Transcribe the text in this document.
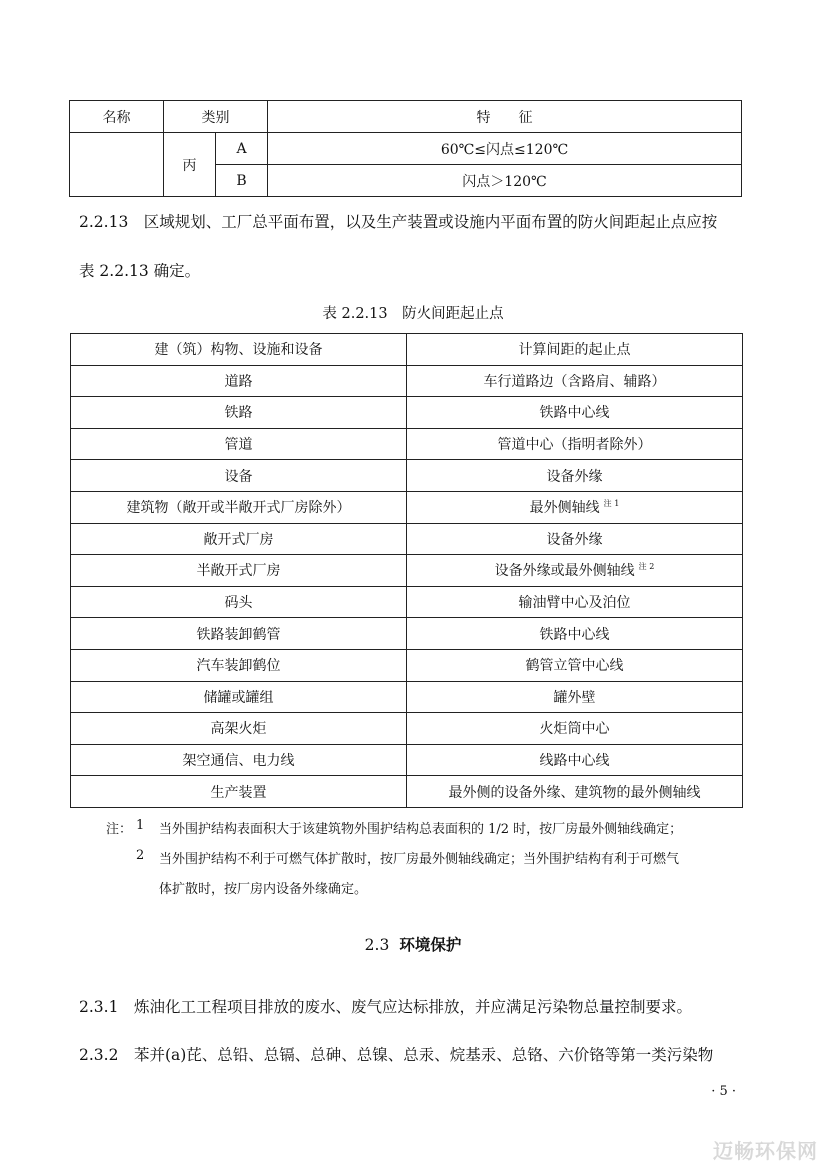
名称	类别		特　　征
	丙	A	60℃≤闪点≤120℃
		B	闪点＞120℃
2.2.13　区域规划、工厂总平面布置，以及生产装置或设施内平面布置的防火间距起止点应按
表 2.2.13 确定。
表 2.2.13　防火间距起止点
建（筑）构物、设施和设备	计算间距的起止点
道路	车行道路边（含路肩、辅路）
铁路	铁路中心线
管道	管道中心（指明者除外）
设备	设备外缘
建筑物（敞开或半敞开式厂房除外）	最外侧轴线 $^{注 1}$
敞开式厂房	设备外缘
半敞开式厂房	设备外缘或最外侧轴线 $^{注 2}$
码头	输油臂中心及泊位
铁路装卸鹤管	铁路中心线
汽车装卸鹤位	鹤管立管中心线
储罐或罐组	罐外壁
高架火炬	火炬筒中心
架空通信、电力线	线路中心线
生产装置	最外侧的设备外缘、建筑物的最外侧轴线
注： 1 当外围护结构表面积大于该建筑物外围护结构总表面积的 1/2 时，按厂房最外侧轴线确定；
2 当外围护结构不利于可燃气体扩散时，按厂房最外侧轴线确定；当外围护结构有利于可燃气
体扩散时，按厂房内设备外缘确定。
2.3 环境保护
2.3.1　炼油化工工程项目排放的废水、废气应达标排放，并应满足污染物总量控制要求。
2.3.2　苯并(a)芘、总铅、总镉、总砷、总镍、总汞、烷基汞、总铬、六价铬等第一类污染物
· 5 ·
迈畅环保网
